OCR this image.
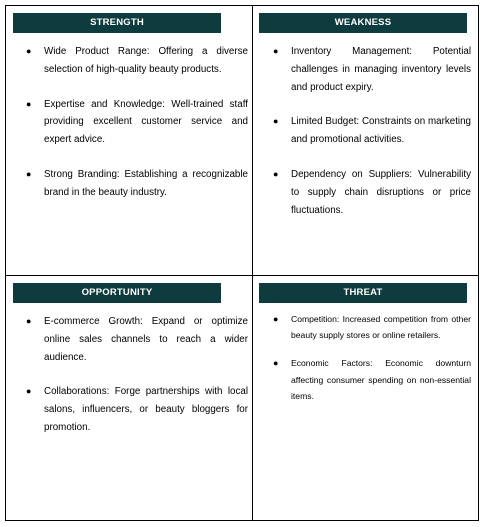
STRENGTH
● Wide Product Range: Offering a diverse selection of high-quality beauty products.
● Expertise and Knowledge: Well-trained staff providing excellent customer service and expert advice.
● Strong Branding: Establishing a recognizable brand in the beauty industry.
WEAKNESS
● Inventory Management: Potential challenges in managing inventory levels and product expiry.
● Limited Budget: Constraints on marketing and promotional activities.
● Dependency on Suppliers: Vulnerability to supply chain disruptions or price fluctuations.
OPPORTUNITY
● E-commerce Growth: Expand or optimize online sales channels to reach a wider audience.
● Collaborations: Forge partnerships with local salons, influencers, or beauty bloggers for promotion.
THREAT
● Competition: Increased competition from other beauty supply stores or online retailers.
● Economic Factors: Economic downturn affecting consumer spending on non-essential items.
